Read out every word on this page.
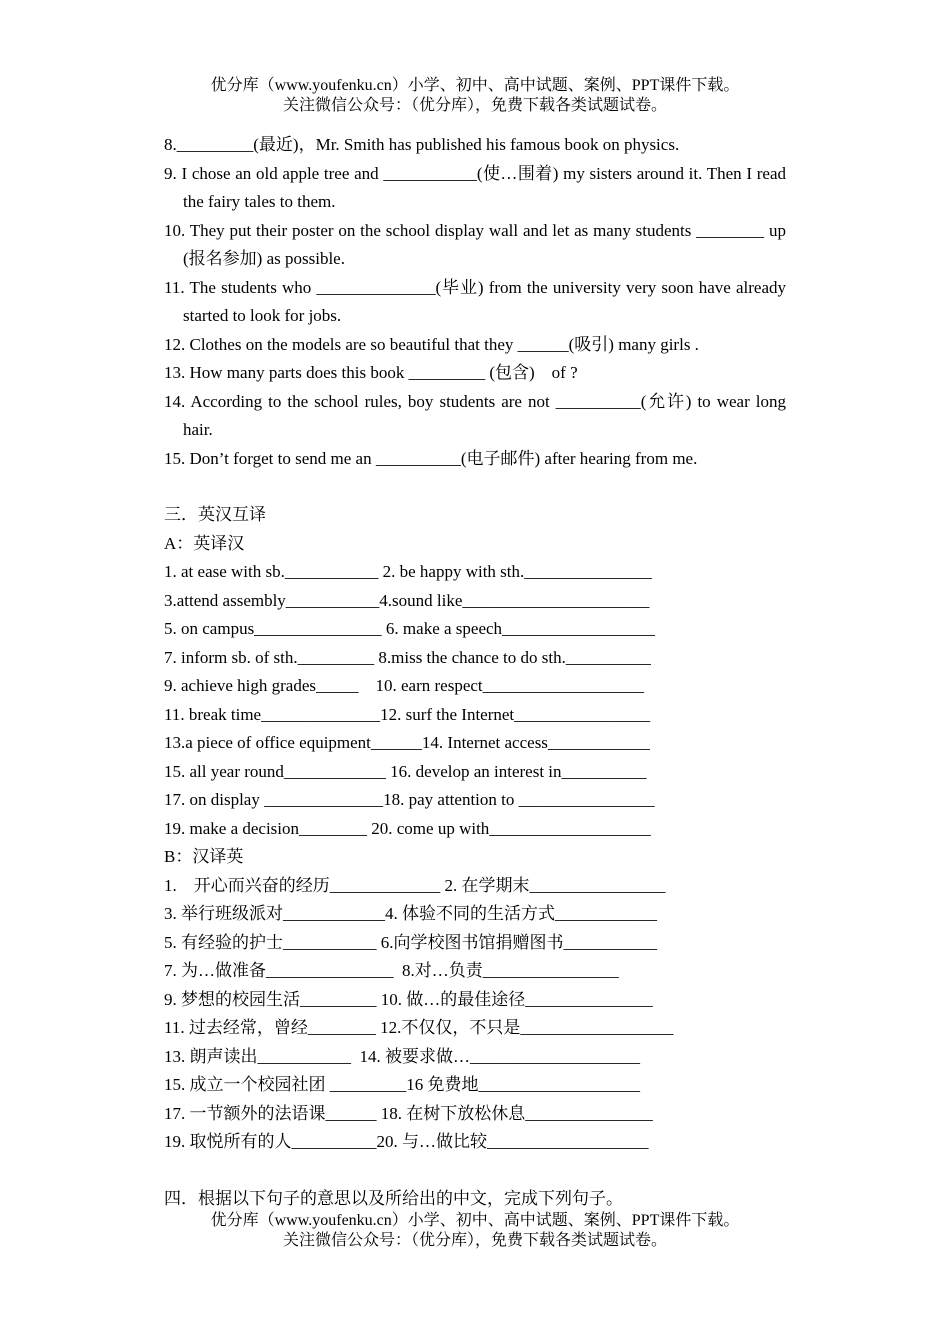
优分库（www.youfenku.cn）小学、初中、高中试题、案例、PPT课件下载。
关注微信公众号：（优分库），免费下载各类试题试卷。
8._________(最近)，Mr. Smith has published his famous book on physics.
9. I chose an old apple tree and ___________(使…围着) my sisters around it. Then I read the fairy tales to them.
10. They put their poster on the school display wall and let as many students ________ up (报名参加) as possible.
11. The students who ______________(毕业) from the university very soon have already started to look for jobs.
12. Clothes on the models are so beautiful that they ______(吸引) many girls .
13. How many parts does this book _________ (包含)    of ?
14. According to the school rules, boy students are not __________(允许) to wear long hair.
15. Don’t forget to send me an __________(电子邮件) after hearing from me.
三．英汉互译
A：英译汉
1. at ease with sb.___________ 2. be happy with sth._______________
3.attend assembly___________4.sound like______________________
5. on campus_______________ 6. make a speech__________________
7. inform sb. of sth._________ 8.miss the chance to do sth.__________
9. achieve high grades_____    10. earn respect___________________
11. break time______________12. surf the Internet________________
13.a piece of office equipment______14. Internet access____________
15. all year round____________ 16. develop an interest in__________
17. on display ______________18. pay attention to ________________
19. make a decision________ 20. come up with___________________
B：汉译英
1.    开心而兴奋的经历_____________ 2. 在学期末________________
3. 举行班级派对____________4. 体验不同的生活方式____________
5. 有经验的护士___________ 6.向学校图书馆捐赠图书___________
7. 为…做准备_______________  8.对…负责________________
9. 梦想的校园生活_________ 10. 做…的最佳途径_______________
11. 过去经常，曾经________ 12.不仅仅，不只是__________________
13. 朗声读出___________  14. 被要求做…____________________
15. 成立一个校园社团 _________16 免费地___________________
17. 一节额外的法语课______ 18. 在树下放松休息_______________
19. 取悦所有的人__________20. 与…做比较___________________
四．根据以下句子的意思以及所给出的中文，完成下列句子。
优分库（www.youfenku.cn）小学、初中、高中试题、案例、PPT课件下载。
关注微信公众号：（优分库），免费下载各类试题试卷。
